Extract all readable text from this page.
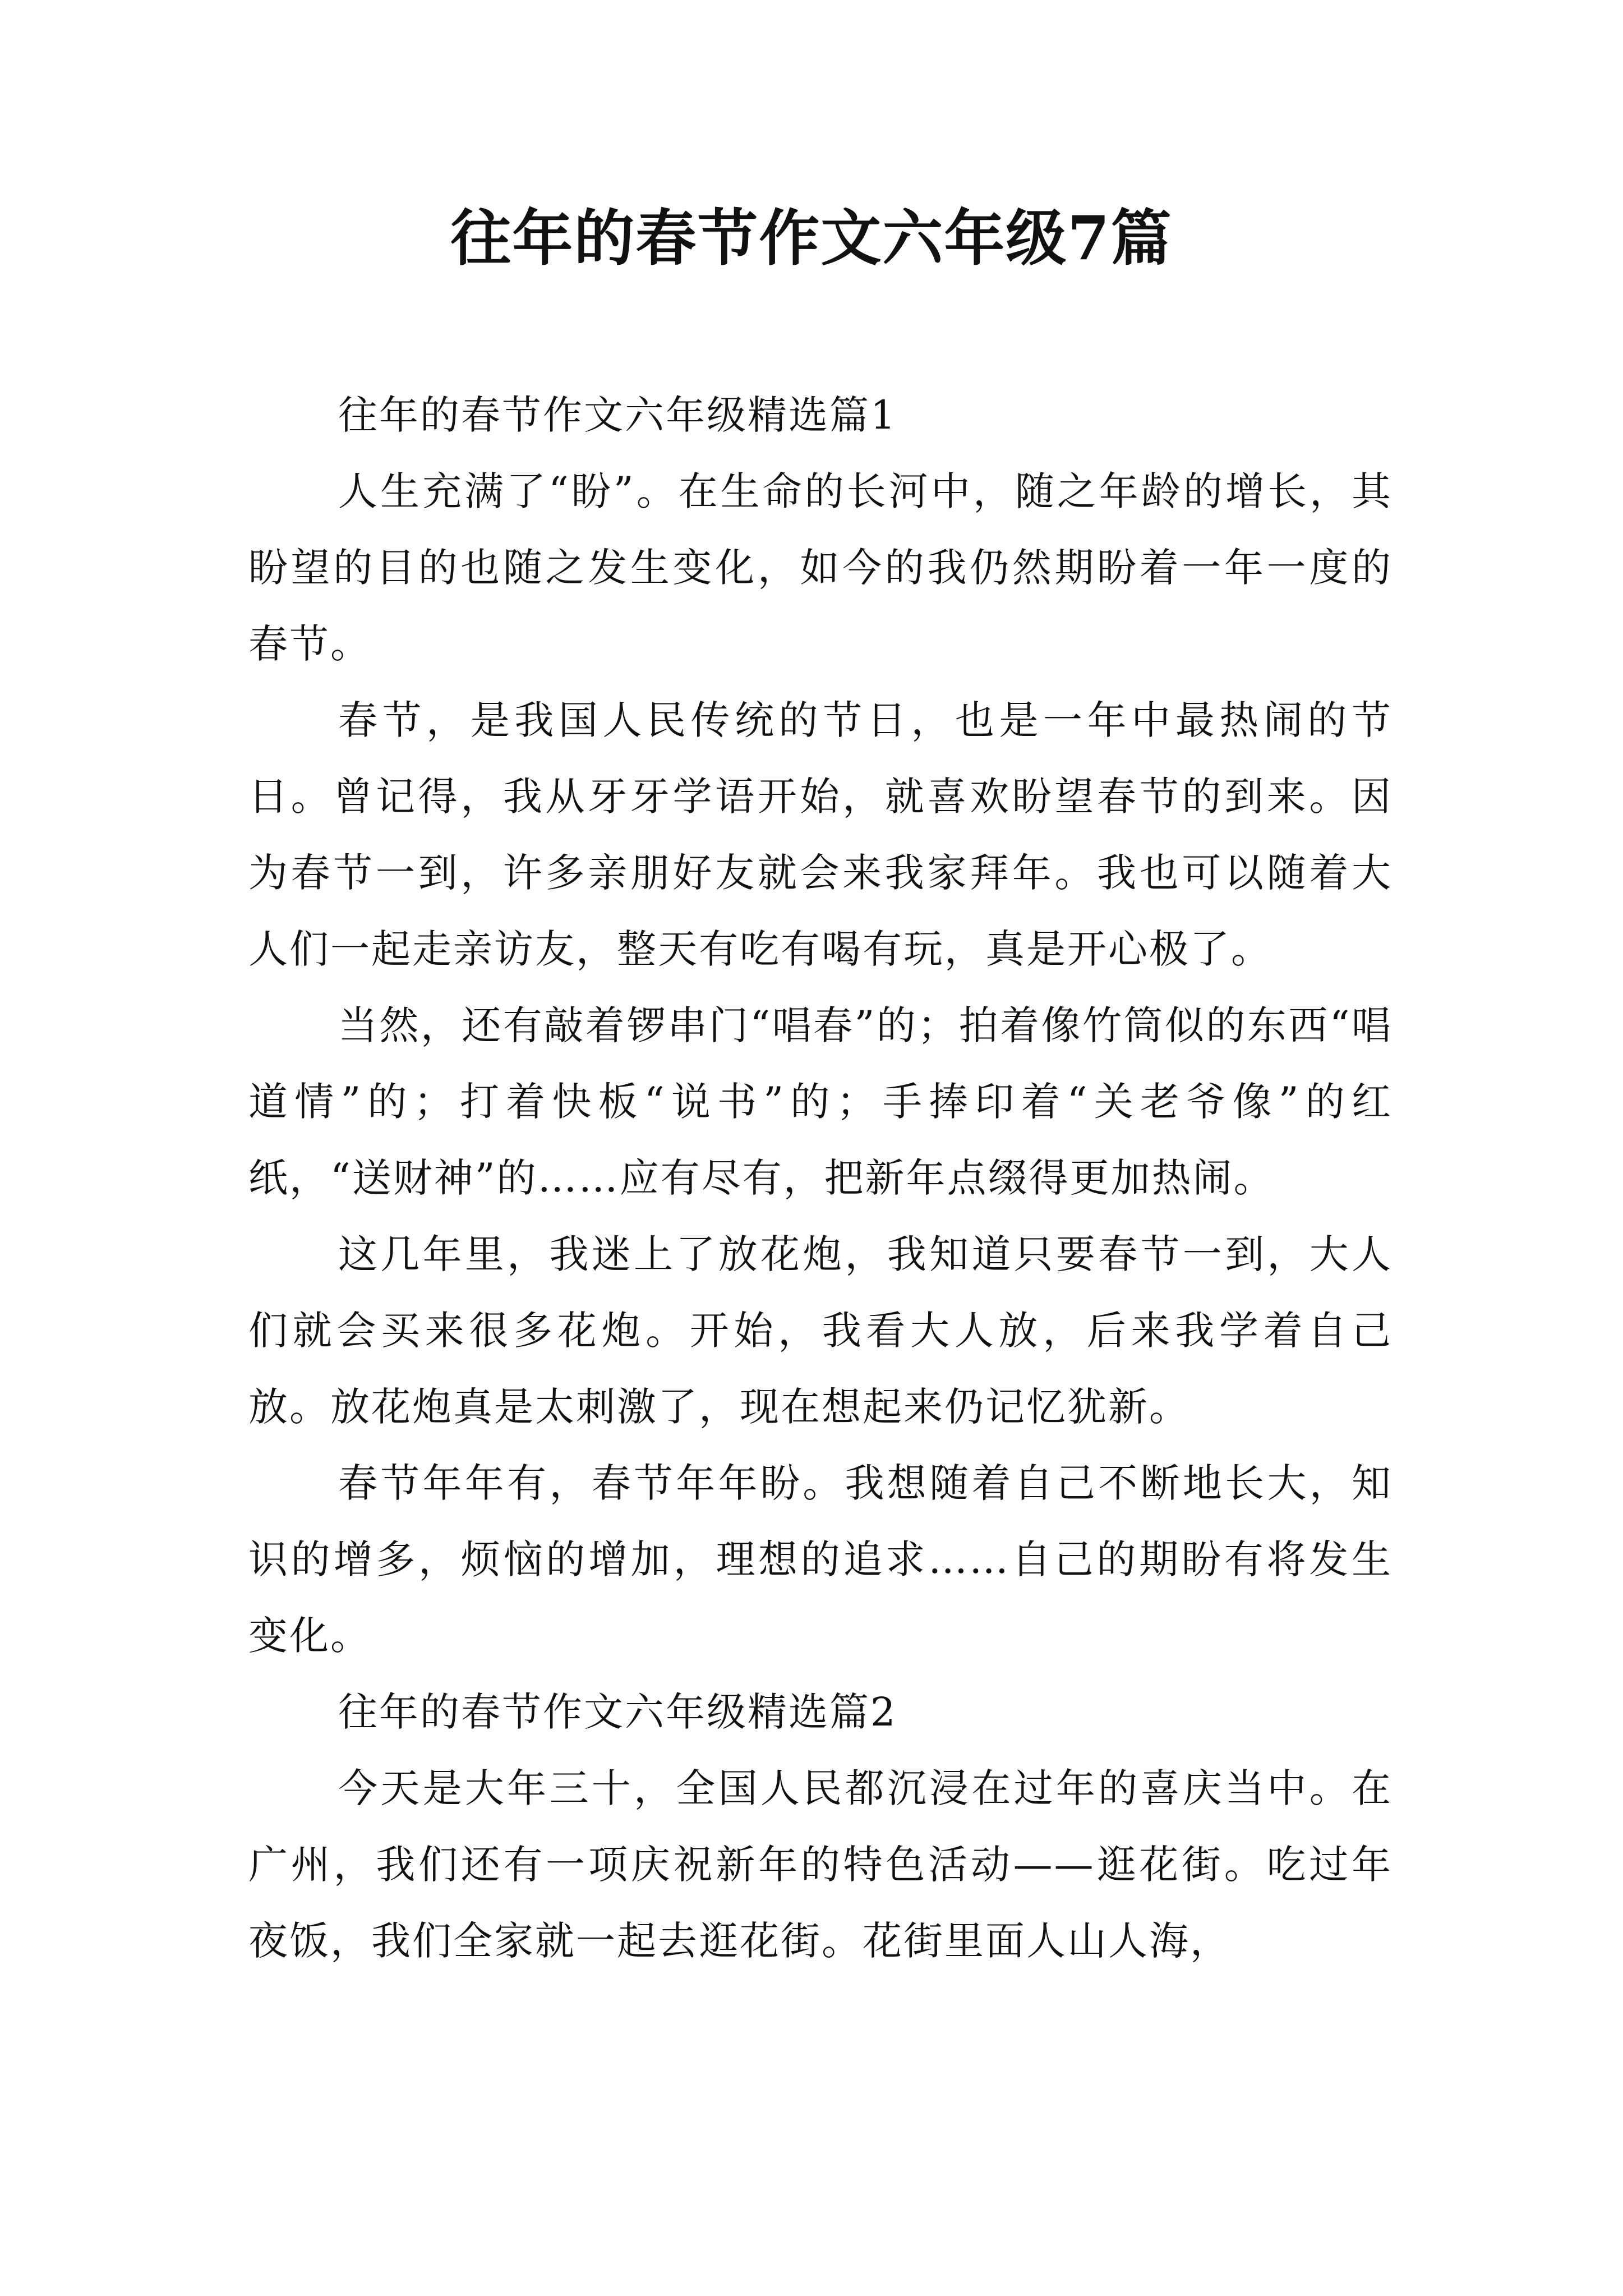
往年的春节作文六年级7篇

往年的春节作文六年级精选篇1

人生充满了“盼”。在生命的长河中，随之年龄的增长，其盼望的目的也随之发生变化，如今的我仍然期盼着一年一度的春节。

春节，是我国人民传统的节日，也是一年中最热闹的节日。曾记得，我从牙牙学语开始，就喜欢盼望春节的到来。因为春节一到，许多亲朋好友就会来我家拜年。我也可以随着大人们一起走亲访友，整天有吃有喝有玩，真是开心极了。

当然，还有敲着锣串门“唱春”的；拍着像竹筒似的东西“唱道情”的；打着快板“说书”的；手捧印着“关老爷像”的红纸，“送财神”的……应有尽有，把新年点缀得更加热闹。

这几年里，我迷上了放花炮，我知道只要春节一到，大人们就会买来很多花炮。开始，我看大人放，后来我学着自己放。放花炮真是太刺激了，现在想起来仍记忆犹新。

春节年年有，春节年年盼。我想随着自己不断地长大，知识的增多，烦恼的增加，理想的追求……自己的期盼有将发生变化。

往年的春节作文六年级精选篇2

今天是大年三十，全国人民都沉浸在过年的喜庆当中。在广州，我们还有一项庆祝新年的特色活动——逛花街。吃过年夜饭，我们全家就一起去逛花街。花街里面人山人海，
